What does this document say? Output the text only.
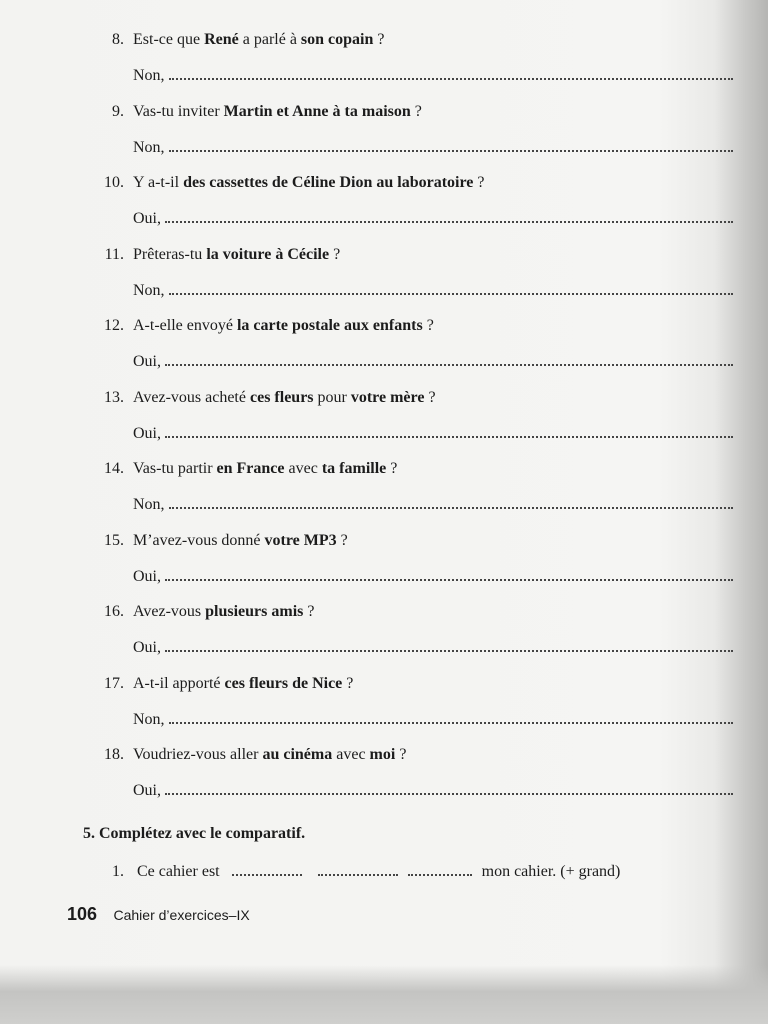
8. Est-ce que René a parlé à son copain ?
Non,
9. Vas-tu inviter Martin et Anne à ta maison ?
Non,
10. Y a-t-il des cassettes de Céline Dion au laboratoire ?
Oui,
11. Prêteras-tu la voiture à Cécile ?
Non,
12. A-t-elle envoyé la carte postale aux enfants ?
Oui,
13. Avez-vous acheté ces fleurs pour votre mère ?
Oui,
14. Vas-tu partir en France avec ta famille ?
Non,
15. M’avez-vous donné votre MP3 ?
Oui,
16. Avez-vous plusieurs amis ?
Oui,
17. A-t-il apporté ces fleurs de Nice ?
Non,
18. Voudriez-vous aller au cinéma avec moi ?
Oui,
5. Complétez avec le comparatif.
1. Ce cahier est	mon cahier. (+ grand)
106 Cahier d’exercices–IX
